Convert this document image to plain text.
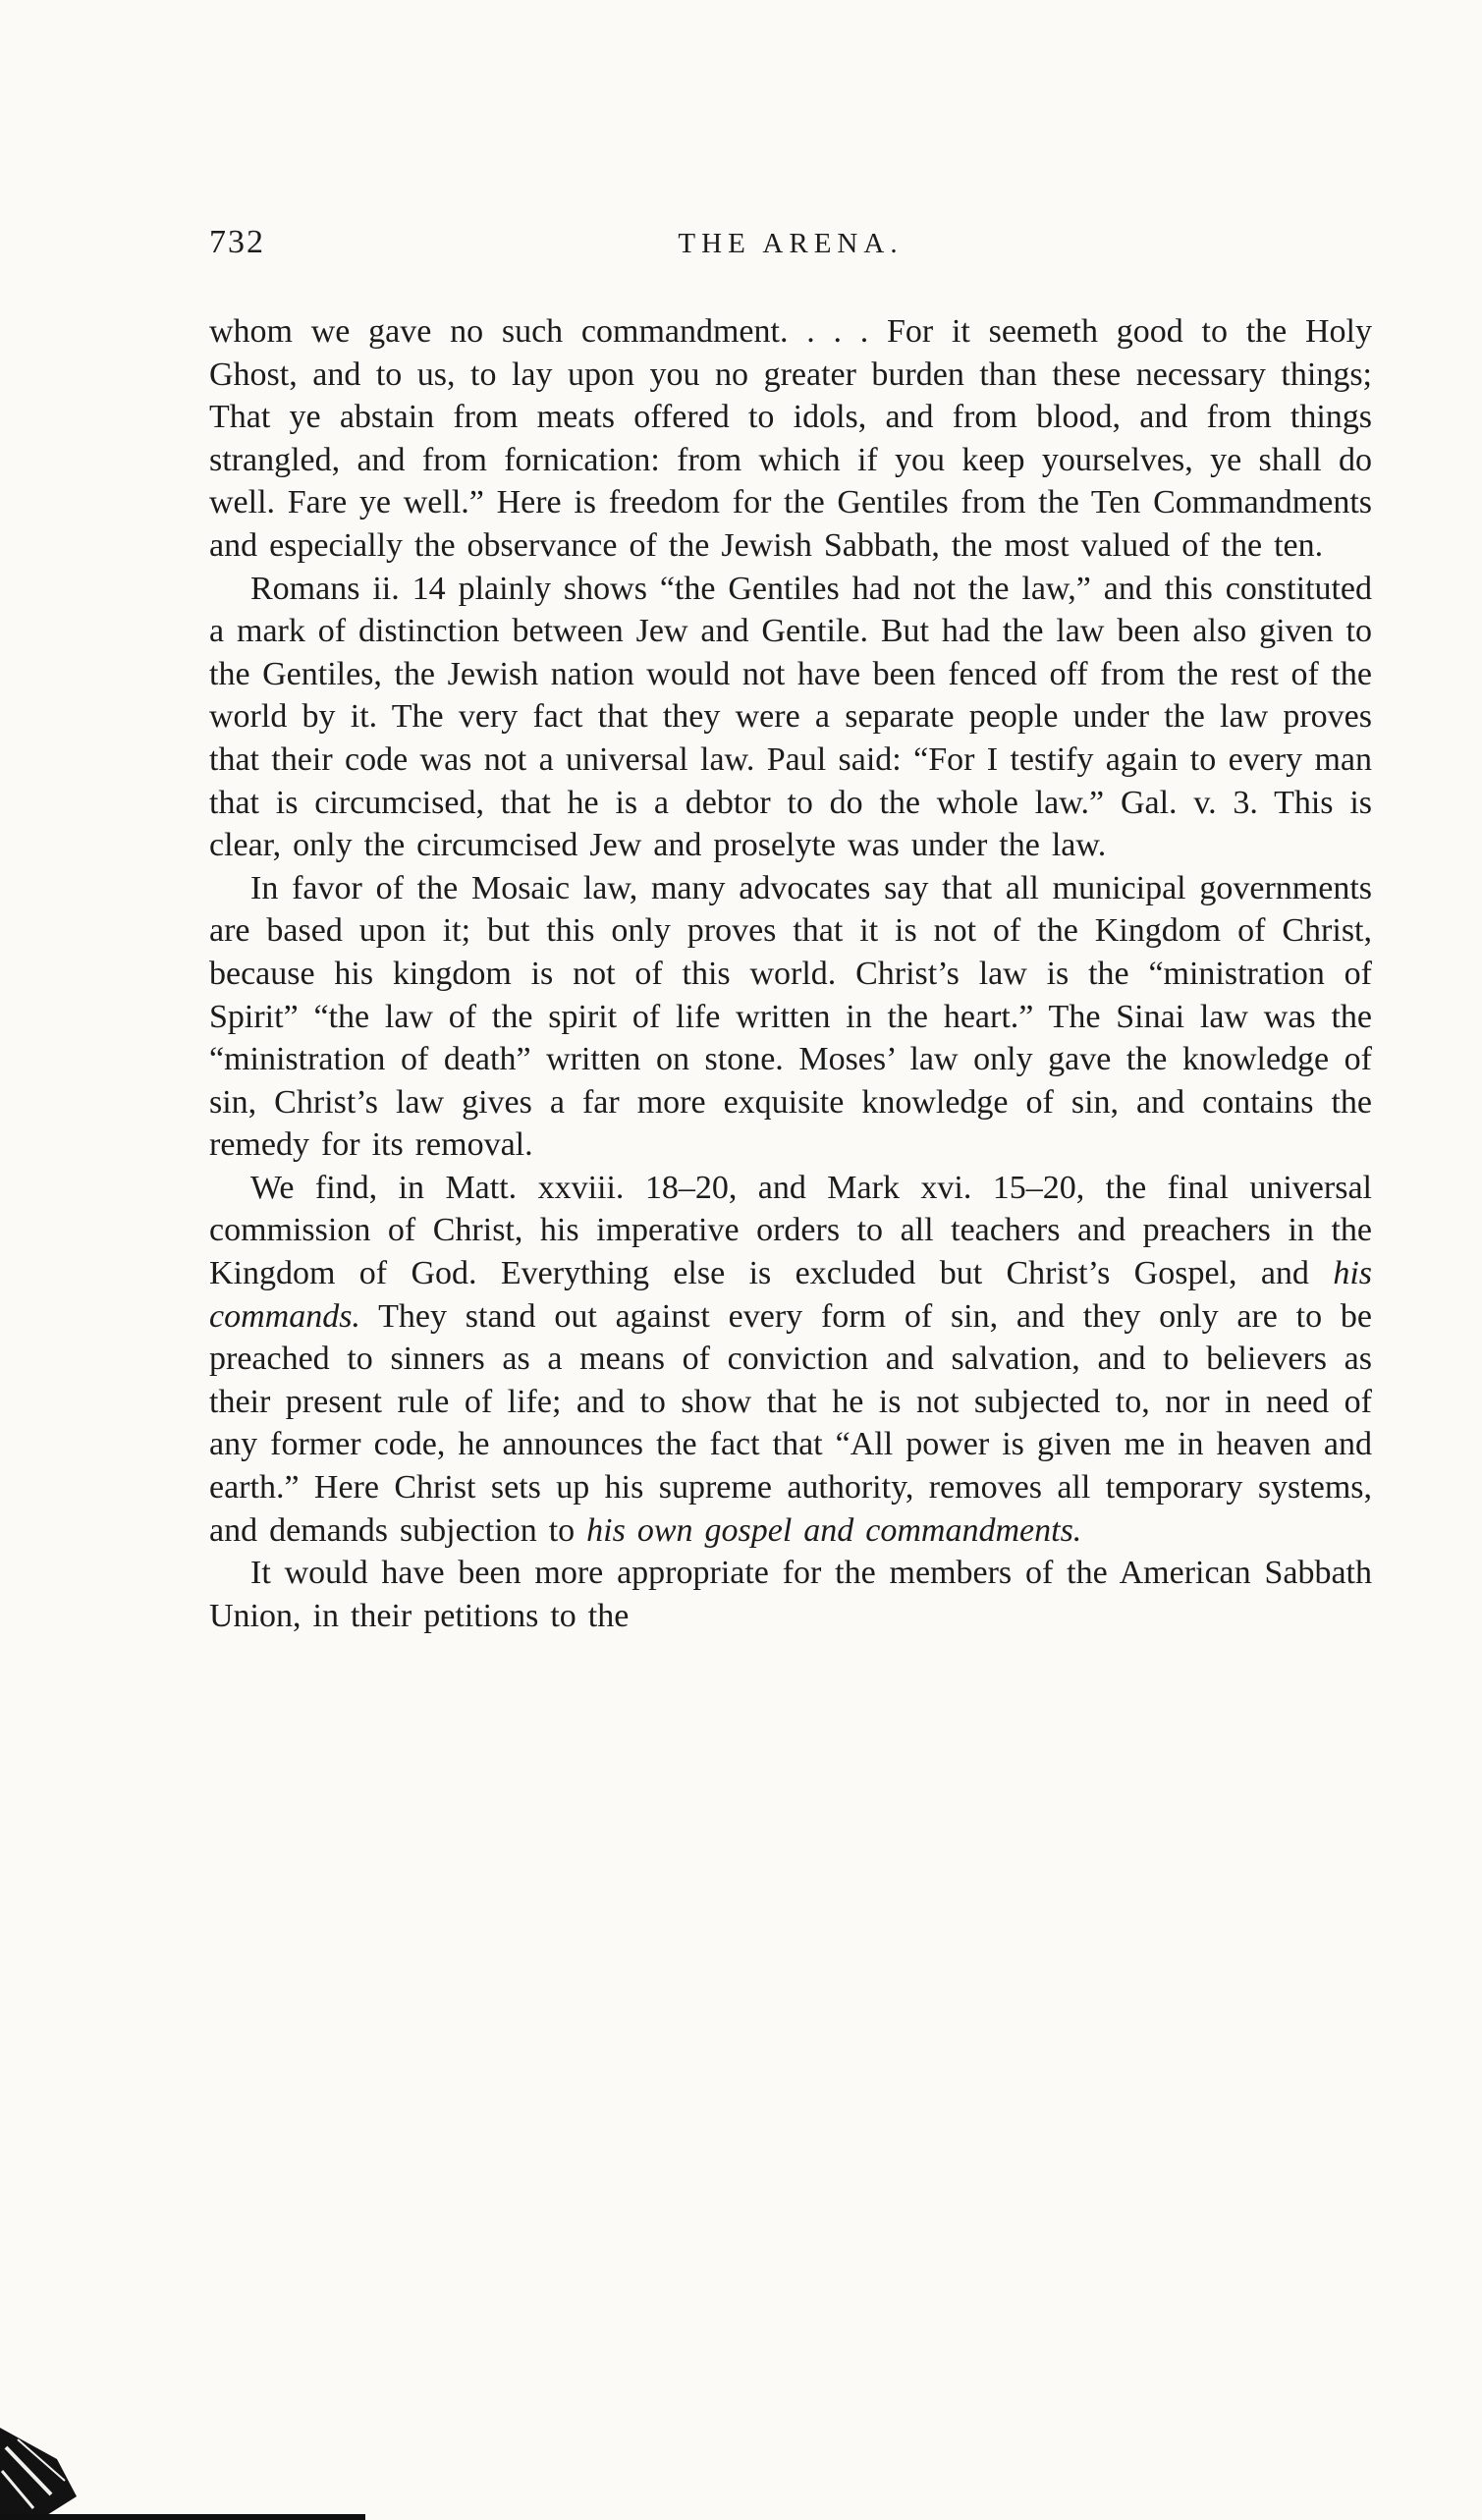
732	THE ARENA.

whom we gave no such commandment. . . . For it seemeth good to the Holy Ghost, and to us, to lay upon you no greater burden than these necessary things; That ye abstain from meats offered to idols, and from blood, and from things strangled, and from fornication: from which if you keep yourselves, ye shall do well. Fare ye well.” Here is freedom for the Gentiles from the Ten Commandments and especially the observance of the Jewish Sabbath, the most valued of the ten.

Romans ii. 14 plainly shows “the Gentiles had not the law,” and this constituted a mark of distinction between Jew and Gentile. But had the law been also given to the Gentiles, the Jewish nation would not have been fenced off from the rest of the world by it. The very fact that they were a separate people under the law proves that their code was not a universal law. Paul said: “For I testify again to every man that is circumcised, that he is a debtor to do the whole law.” Gal. v. 3. This is clear, only the circumcised Jew and proselyte was under the law.

In favor of the Mosaic law, many advocates say that all municipal governments are based upon it; but this only proves that it is not of the Kingdom of Christ, because his kingdom is not of this world. Christ’s law is the “ministration of Spirit” “the law of the spirit of life written in the heart.” The Sinai law was the “ministration of death” written on stone. Moses’ law only gave the knowledge of sin, Christ’s law gives a far more exquisite knowledge of sin, and contains the remedy for its removal.

We find, in Matt. xxviii. 18–20, and Mark xvi. 15–20, the final universal commission of Christ, his imperative orders to all teachers and preachers in the Kingdom of God. Everything else is excluded but Christ’s Gospel, and his commands. They stand out against every form of sin, and they only are to be preached to sinners as a means of conviction and salvation, and to believers as their present rule of life; and to show that he is not subjected to, nor in need of any former code, he announces the fact that “All power is given me in heaven and earth.” Here Christ sets up his supreme authority, removes all temporary systems, and demands subjection to his own gospel and commandments.

It would have been more appropriate for the members of the American Sabbath Union, in their petitions to the
